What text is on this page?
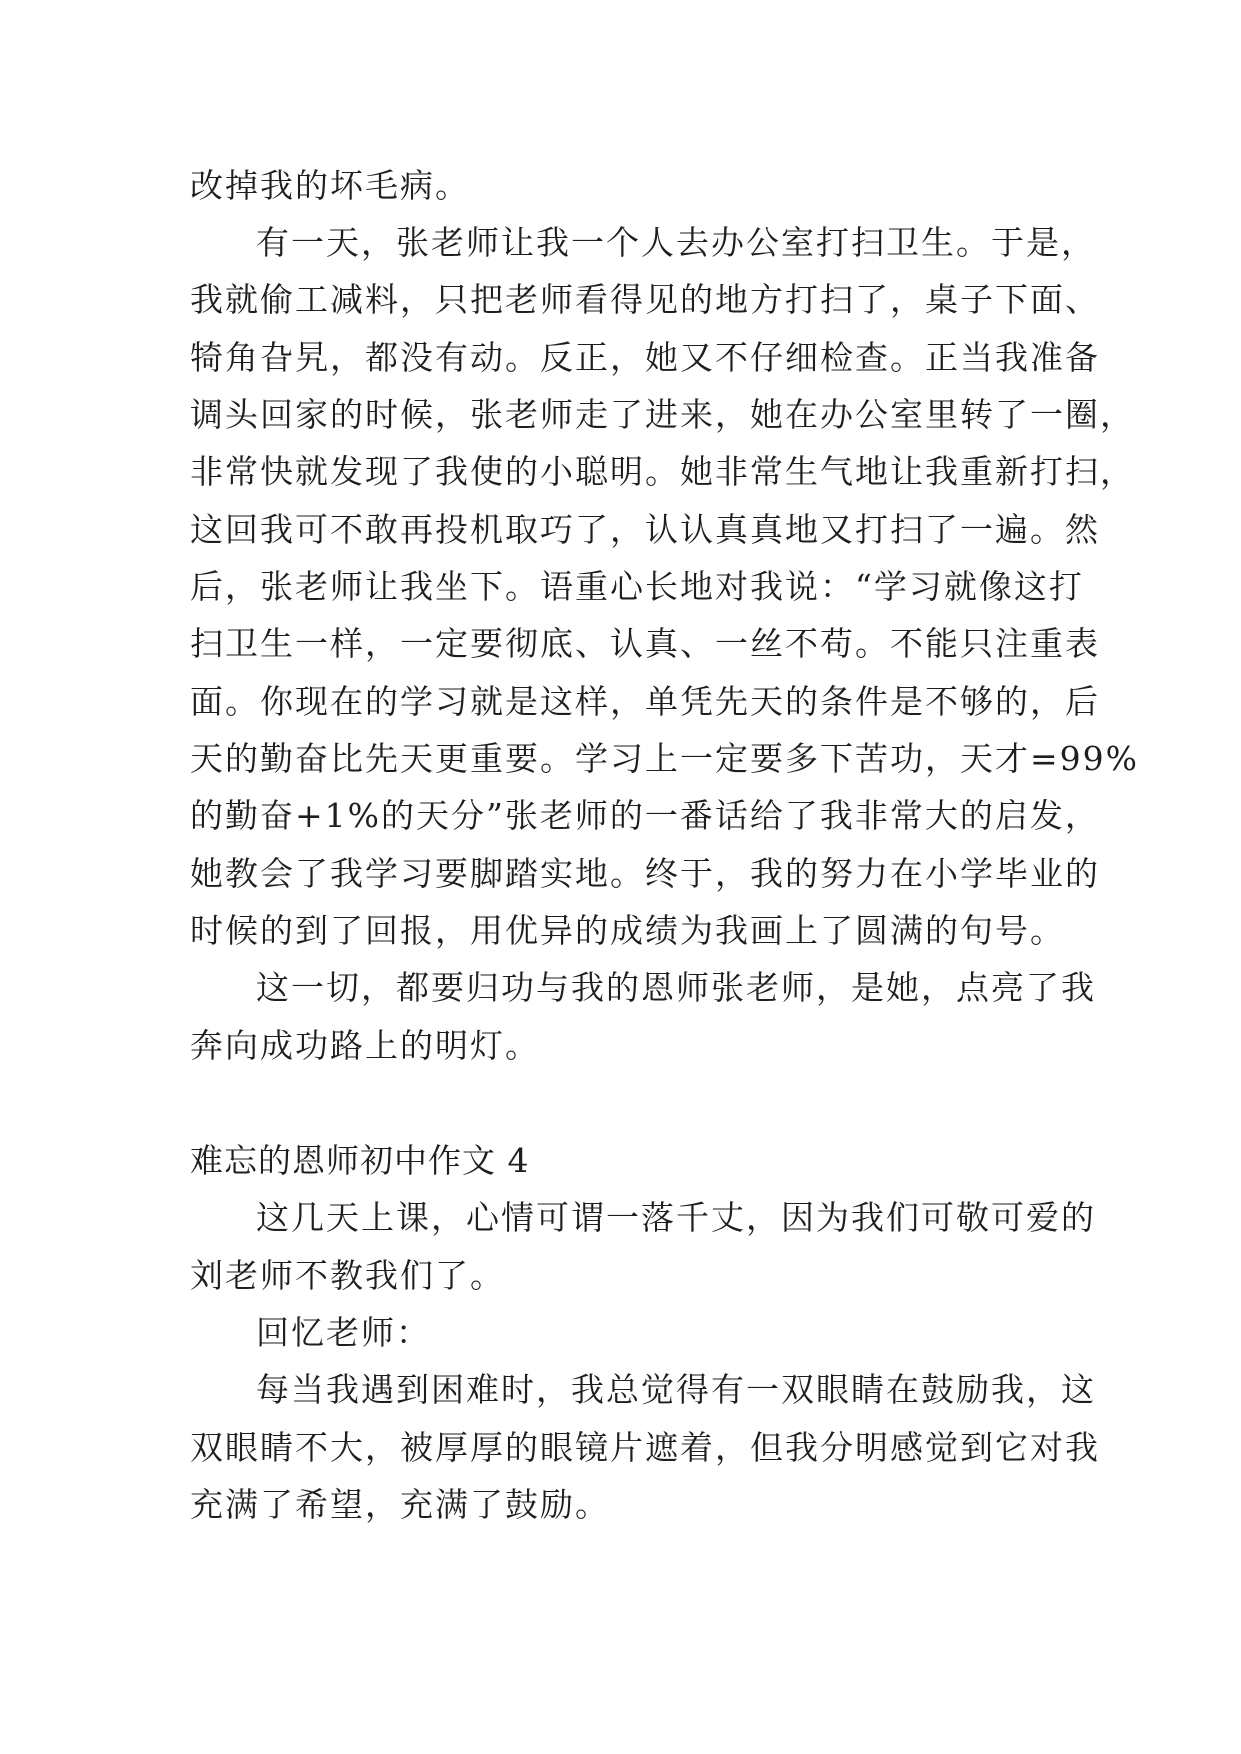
改掉我的坏毛病。
有一天，张老师让我一个人去办公室打扫卫生。于是，
我就偷工减料，只把老师看得见的地方打扫了，桌子下面、
犄角旮旯，都没有动。反正，她又不仔细检查。正当我准备
调头回家的时候，张老师走了进来，她在办公室里转了一圈，
非常快就发现了我使的小聪明。她非常生气地让我重新打扫，
这回我可不敢再投机取巧了，认认真真地又打扫了一遍。然
后，张老师让我坐下。语重心长地对我说：“学习就像这打
扫卫生一样，一定要彻底、认真、一丝不苟。不能只注重表
面。你现在的学习就是这样，单凭先天的条件是不够的，后
天的勤奋比先天更重要。学习上一定要多下苦功，天才=99%
的勤奋+1%的天分”张老师的一番话给了我非常大的启发，
她教会了我学习要脚踏实地。终于，我的努力在小学毕业的
时候的到了回报，用优异的成绩为我画上了圆满的句号。
这一切，都要归功与我的恩师张老师，是她，点亮了我
奔向成功路上的明灯。
难忘的恩师初中作文 4
这几天上课，心情可谓一落千丈，因为我们可敬可爱的
刘老师不教我们了。
回忆老师：
每当我遇到困难时，我总觉得有一双眼睛在鼓励我，这
双眼睛不大，被厚厚的眼镜片遮着，但我分明感觉到它对我
充满了希望，充满了鼓励。
